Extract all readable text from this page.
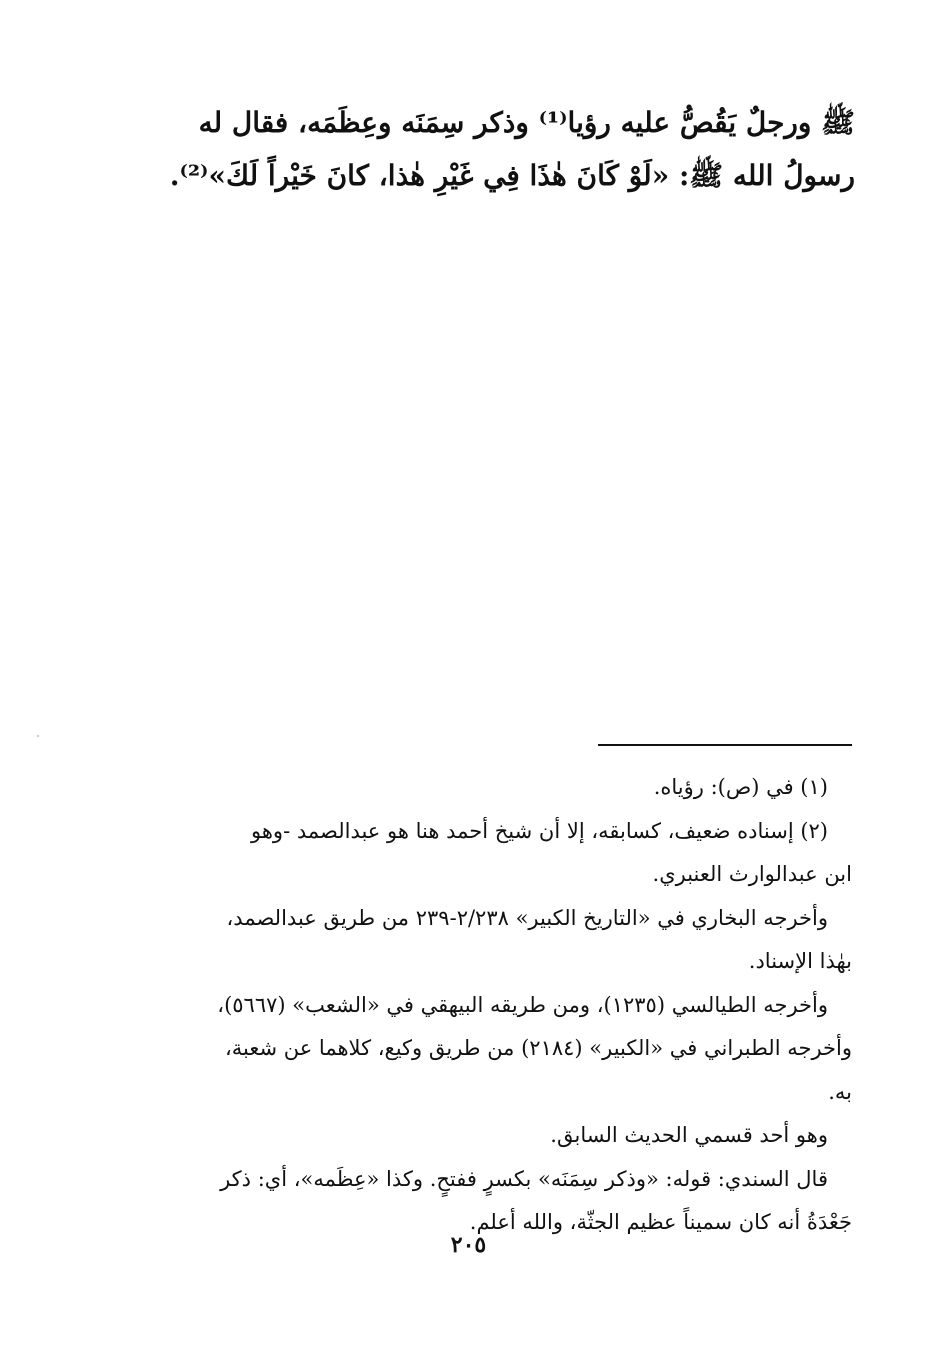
ﷺ ورجلٌ يَقُصُّ عليه رؤيا⁽¹⁾ وذكر سِمَنَه وعِظَمَه، فقال له

رسولُ الله ﷺ: «لَوْ كَانَ هٰذَا فِي غَيْرِ هٰذا، كانَ خَيْراً لَكَ»⁽²⁾.

(١) في (ص): رؤياه.

(٢) إسناده ضعيف، كسابقه، إلا أن شيخ أحمد هنا هو عبدالصمد -وهو

ابن عبدالوارث العنبري.

وأخرجه البخاري في «التاريخ الكبير» ٢/٢٣٨-٢٣٩ من طريق عبدالصمد،

بهٰذا الإسناد.

وأخرجه الطيالسي (١٢٣٥)، ومن طريقه البيهقي في «الشعب» (٥٦٦٧)،

وأخرجه الطبراني في «الكبير» (٢١٨٤) من طريق وكيع، كلاهما عن شعبة،

به.

وهو أحد قسمي الحديث السابق.

قال السندي: قوله: «وذكر سِمَنَه» بكسرٍ ففتحٍ. وكذا «عِظَمه»، أي: ذكر

جَعْدَةُ أنه كان سميناً عظيم الجثّة، والله أعلم.

٢٠٥
